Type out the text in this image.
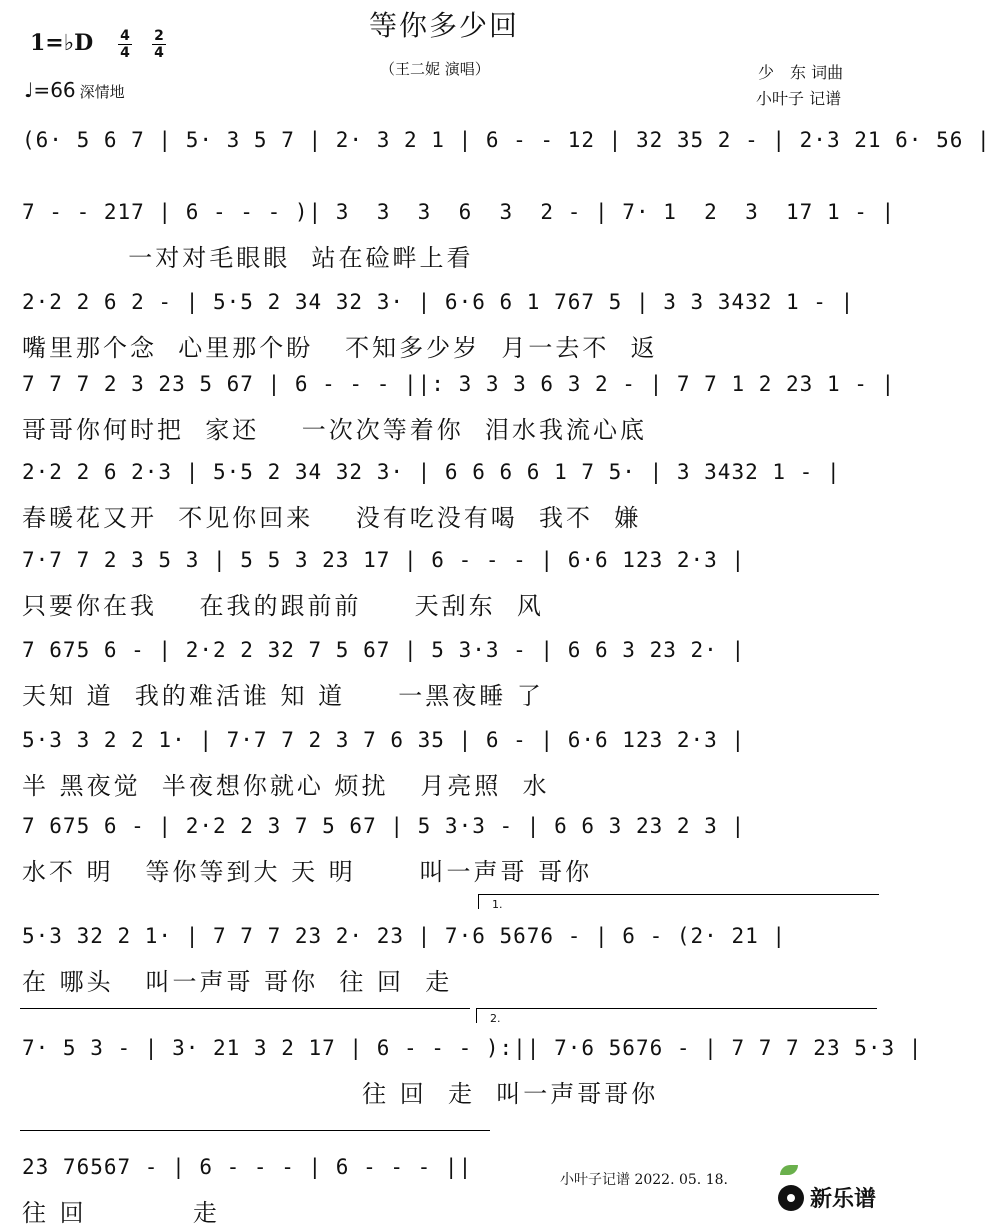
等你多少回
1=♭D 4
4
2
4
♩=66 深情地
（王二妮 演唱）	少　东 词曲
小叶子 记谱
(6· 5 6 7 | 5· 3 5 7 | 2· 3 2 1 | 6 - - 12 | 32 35 2 - | 2·3 21 6· 56 |
7 - - 217 | 6 - - - )| 3  3  3  6  3  2 - | 7· 1  2  3  17 1 - |
一对对毛眼眼  站在硷畔上看
2·2 2 6 2 - | 5·5 2 34 32 3· | 6·6 6 1 767 5 | 3 3 3432 1 - |
嘴里那个念  心里那个盼   不知多少岁  月一去不  返
7 7 7 2 3 23 5 67 | 6 - - - ||: 3 3 3 6 3 2 - | 7 7 1 2 23 1 - |
哥哥你何时把  家还    一次次等着你  泪水我流心底
2·2 2 6 2·3 | 5·5 2 34 32 3· | 6 6 6 6 1 7 5· | 3 3432 1 - |
春暖花又开  不见你回来    没有吃没有喝  我不  嫌
7·7 7 2 3 5 3 | 5 5 3 23 17 | 6 - - - | 6·6 123 2·3 |
只要你在我    在我的跟前前     天刮东  风
7 675 6 - | 2·2 2 32 7 5 67 | 5 3·3 - | 6 6 3 23 2· |
天知 道  我的难活谁 知 道     一黑夜睡 了
5·3 3 2 2 1· | 7·7 7 2 3 7 6 35 | 6 - | 6·6 123 2·3 |
半 黑夜觉  半夜想你就心 烦扰   月亮照  水
7 675 6 - | 2·2 2 3 7 5 67 | 5 3·3 - | 6 6 3 23 2 3 |
水不 明   等你等到大 天 明      叫一声哥 哥你
5·3 32 2 1· | 7 7 7 23 2· 23 | 7·6 5676 - | 6 - (2· 21 |
在 哪头   叫一声哥 哥你  往 回  走
7· 5 3 - | 3· 21 3 2 17 | 6 - - - ):|| 7·6 5676 - | 7 7 7 23 5·3 |
往 回  走  叫一声哥哥你
23 76567 - | 6 - - - | 6 - - - ||
往 回          走
1.
2.
小叶子记谱 2022. 05. 18.
新乐谱
